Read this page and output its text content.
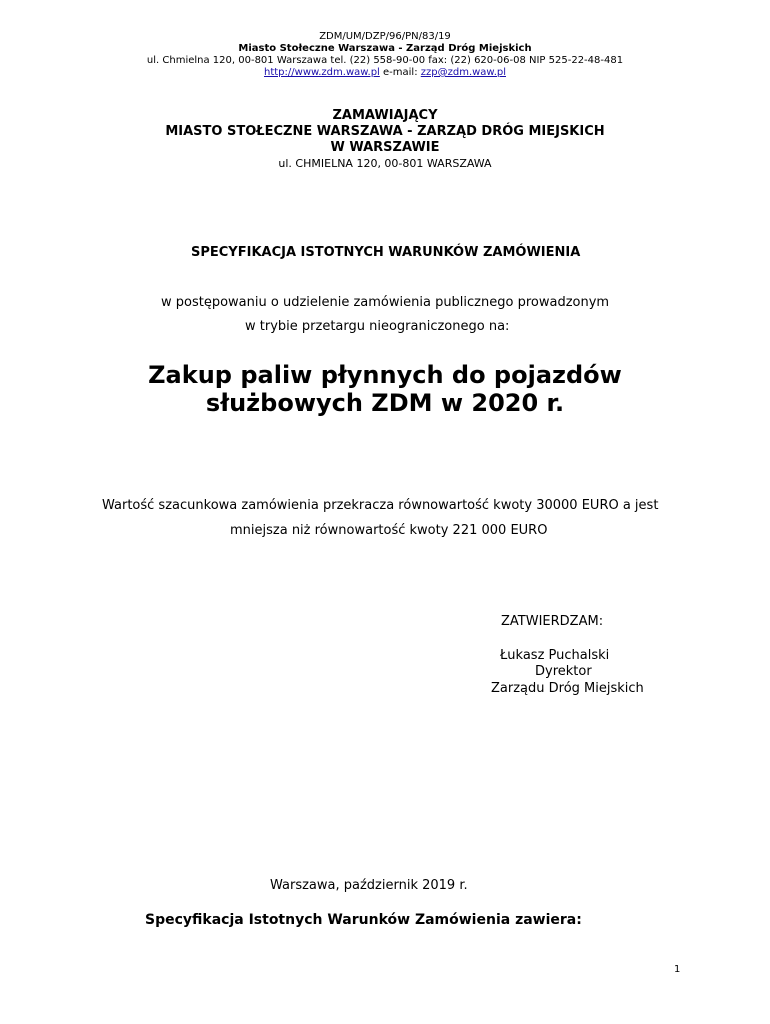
ZDM/UM/DZP/96/PN/83/19
Miasto Stołeczne Warszawa - Zarząd Dróg Miejskich
ul. Chmielna 120, 00-801 Warszawa tel. (22) 558-90-00 fax: (22) 620-06-08 NIP 525-22-48-481
http://www.zdm.waw.pl e-mail: zzp@zdm.waw.pl
ZAMAWIAJĄCY
MIASTO STOŁECZNE WARSZAWA - ZARZĄD DRÓG MIEJSKICH
W WARSZAWIE
ul. CHMIELNA 120, 00-801 WARSZAWA
SPECYFIKACJA ISTOTNYCH WARUNKÓW ZAMÓWIENIA
w postępowaniu o udzielenie zamówienia publicznego prowadzonym
w trybie przetargu nieograniczonego na:
Zakup paliw płynnych do pojazdów
służbowych ZDM w 2020 r.
Wartość szacunkowa zamówienia przekracza równowartość kwoty 30000 EURO a jest
mniejsza niż równowartość kwoty 221 000 EURO
ZATWIERDZAM:
Łukasz Puchalski
Dyrektor
Zarządu Dróg Miejskich
Warszawa, październik 2019 r.
Specyfikacja Istotnych Warunków Zamówienia zawiera:
1
